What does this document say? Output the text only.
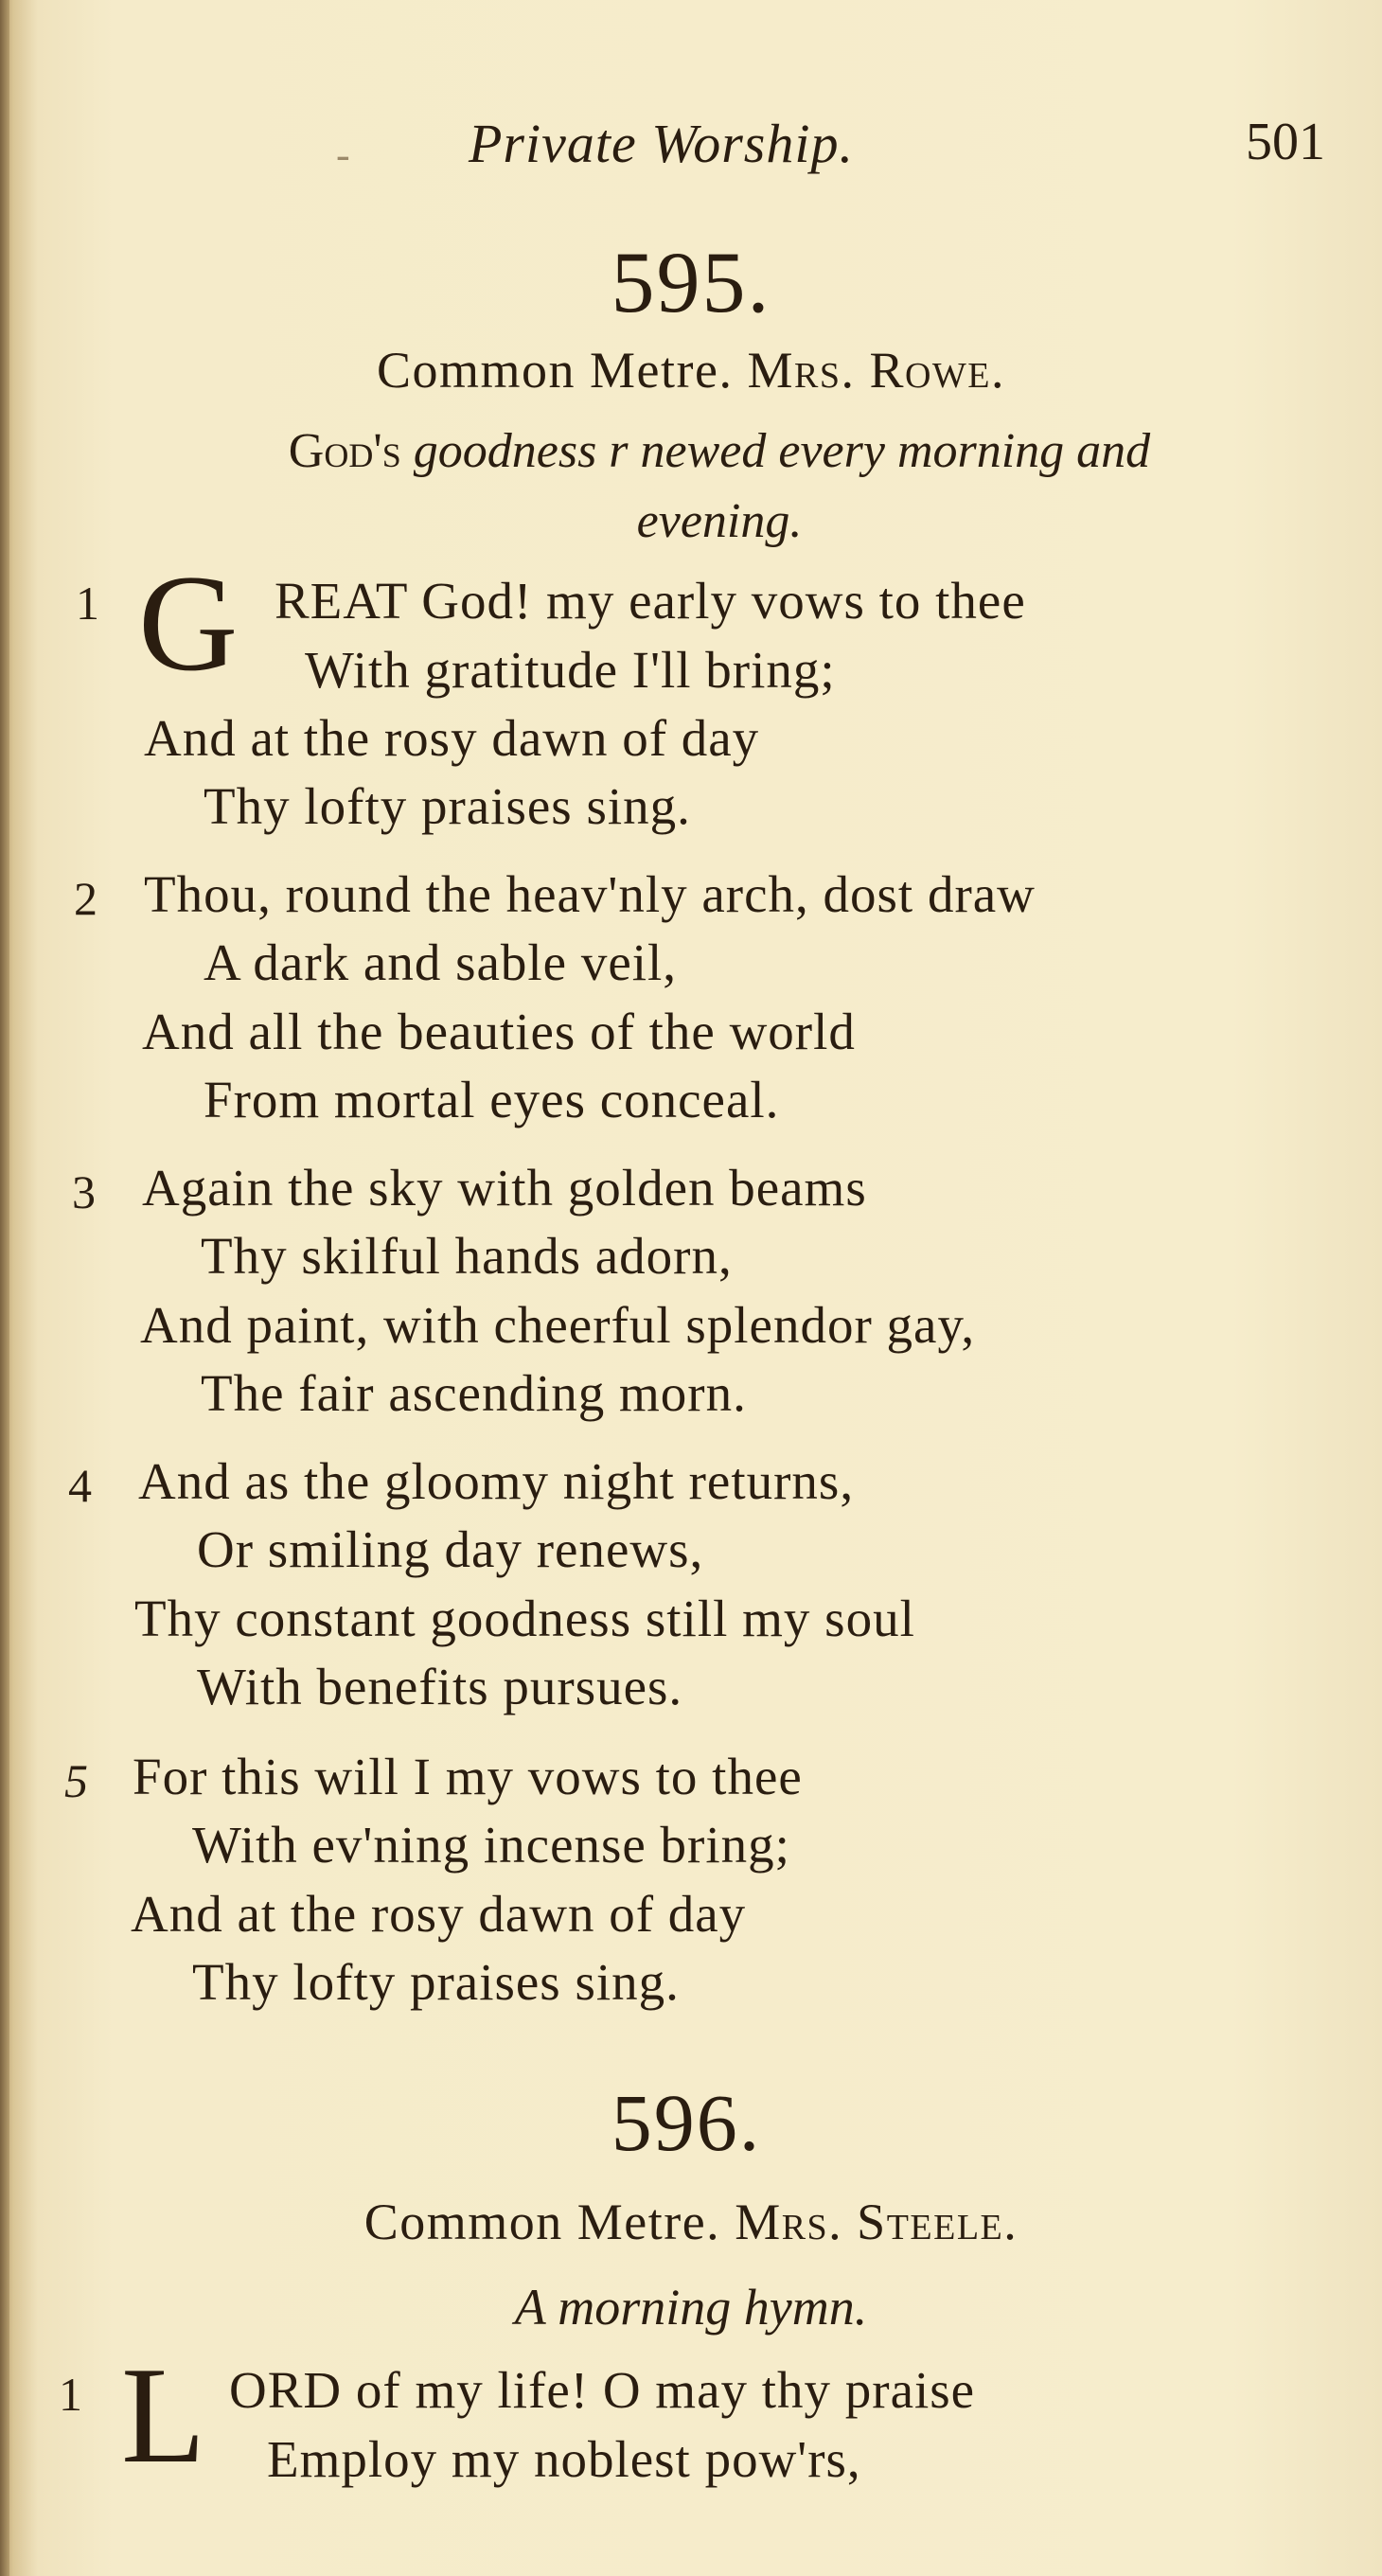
- Private Worship.	501
595.
Common Metre. Mrs. Rowe.
God's goodness r newed every morning and
evening.
1 G REAT God! my early vows to thee
With gratitude I'll bring;
And at the rosy dawn of day
Thy lofty praises sing.
2 Thou, round the heav'nly arch, dost draw
A dark and sable veil,
And all the beauties of the world
From mortal eyes conceal.
3 Again the sky with golden beams
Thy skilful hands adorn,
And paint, with cheerful splendor gay,
The fair ascending morn.
4 And as the gloomy night returns,
Or smiling day renews,
Thy constant goodness still my soul
With benefits pursues.
5 For this will I my vows to thee
With ev'ning incense bring;
And at the rosy dawn of day
Thy lofty praises sing.
596.
Common Metre. Mrs. Steele.
A morning hymn.
1 L ORD of my life! O may thy praise
Employ my noblest pow'rs,
